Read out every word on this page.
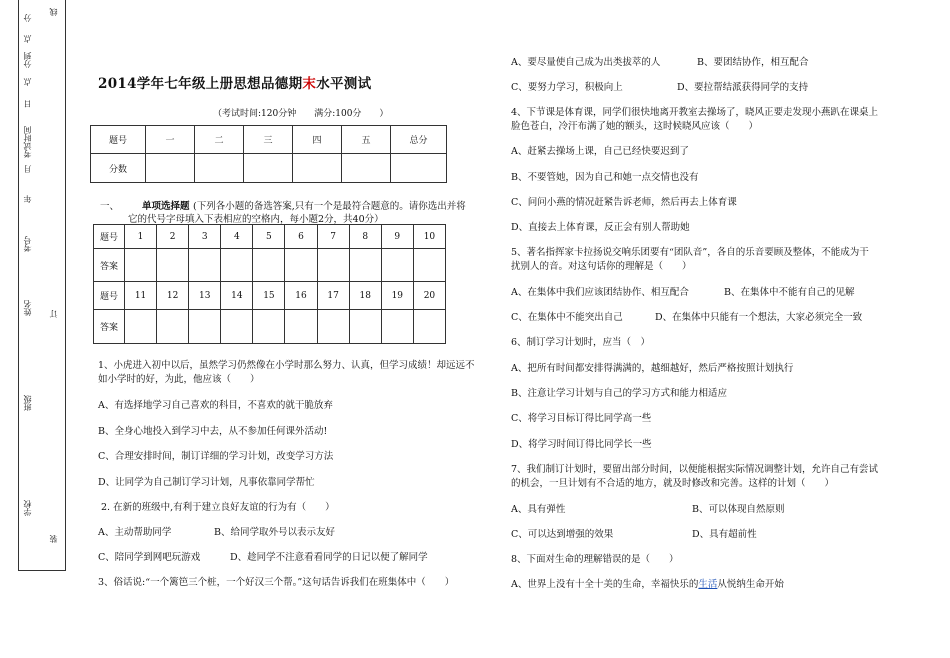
学校
班级
姓名
考号
考试时间
年
月
日
点
分到
点
分
线
订
装
2014学年七年级上册思想品德期末水平测试
（考试时间:120分钟　　满分:100分　　）
题号	一	二	三	四	五	总分
分数						
一、 单项选择题 (下列各小题的备选答案,只有一个是最符合题意的。请你选出并将
它的代号字母填入下表相应的空格内，每小题2分，共40分）
题号	1	2	3	4	5	6	7	8	9	10
答案										
题号	11	12	13	14	15	16	17	18	19	20
答案										
1、小虎进入初中以后，虽然学习仍然像在小学时那么努力、认真，但学习成绩！却远远不
如小学时的好，为此，他应该（　　）
A、有选择地学习自己喜欢的科目，不喜欢的就干脆放弃
B、全身心地投入到学习中去，从不参加任何课外活动!
C、合理安排时间，制订详细的学习计划，改变学习方法
D、让同学为自己制订学习计划，凡事依靠同学帮忙
2. 在新的班级中,有利于建立良好友谊的行为有（　　）
A、主动帮助同学	B、给同学取外号以表示友好
C、陪同学到网吧玩游戏	D、趁同学不注意看看同学的日记以便了解同学
3、俗话说:“一个篱笆三个桩，一个好汉三个帮。”这句话告诉我们在班集体中（　　）
A、要尽量使自己成为出类拔萃的人	B、要团结协作，相互配合
C、要努力学习，积极向上	D、要拉帮结派获得同学的支持
4、下节课是体育课，同学们很快地离开教室去操场了，晓风正要走发现小燕趴在课桌上
脸色苍白，冷汗布满了她的额头，这时候晓风应该（　　）
A、赶紧去操场上课，自己已经快要迟到了
B、不要管她，因为自己和她一点交情也没有
C、问问小燕的情况赶紧告诉老师，然后再去上体育课
D、直接去上体育课，反正会有别人帮助她
5、著名指挥家卡拉扬说交响乐团要有“团队音”，各自的乐音要顾及整体，不能成为干
扰别人的音。对这句话你的理解是（　　）
A、在集体中我们应该团结协作、相互配合	B、在集体中不能有自己的见解
C、在集体中不能突出自己	D、在集体中只能有一个想法，大家必须完全一致
6、制订学习计划时，应当（　）
A、把所有时间都安排得满满的，越细越好，然后严格按照计划执行
B、注意让学习计划与自己的学习方式和能力相适应
C、将学习目标订得比同学高一些
D、将学习时间订得比同学长一些
7、我们制订计划时，要留出部分时间，以便能根据实际情况调整计划，允许自己有尝试
的机会，一旦计划有不合适的地方，就及时修改和完善。这样的计划（　　）
A、具有弹性	B、可以体现自然原则
C、可以达到增强的效果	D、具有超前性
8、下面对生命的理解错误的是（　　）
A、世界上没有十全十美的生命，幸福快乐的生活从悦纳生命开始
